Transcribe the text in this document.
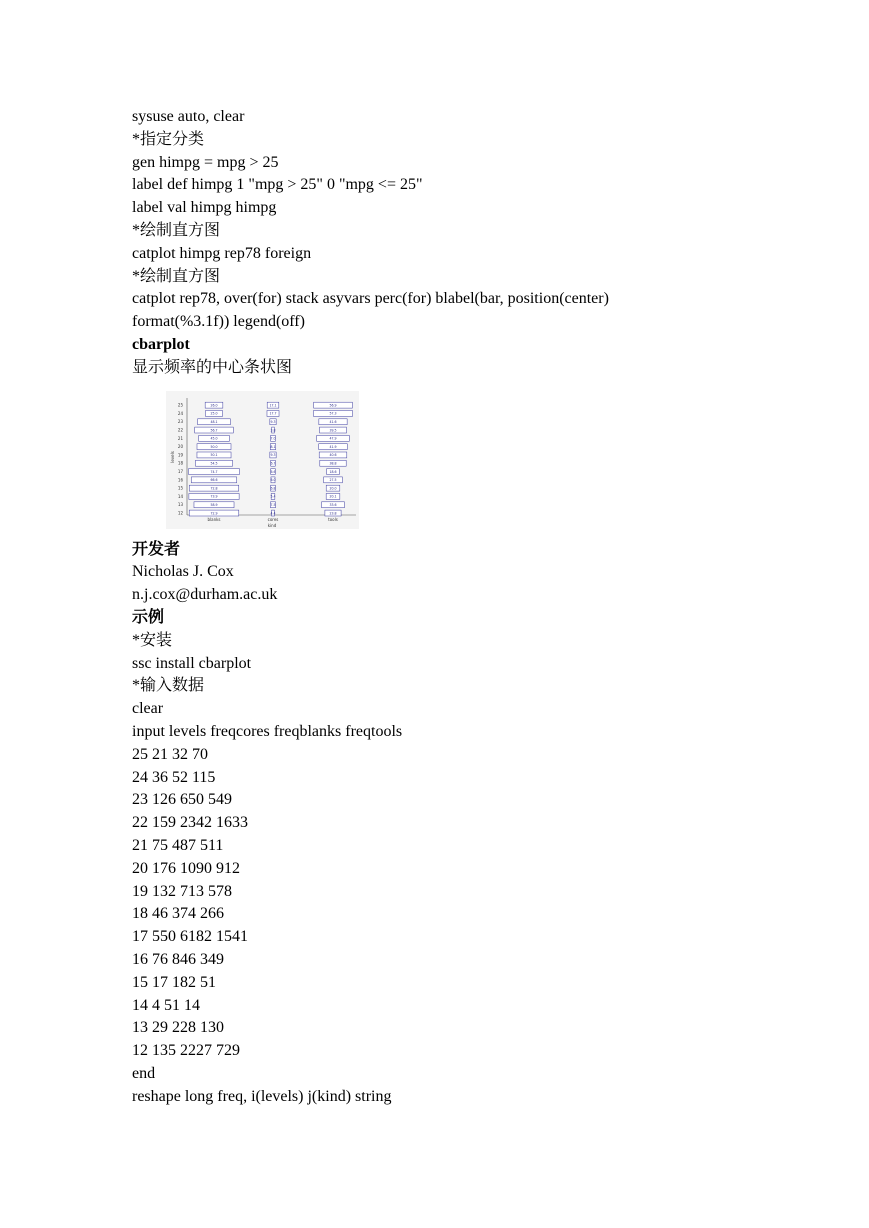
sysuse auto, clear
*指定分类
gen himpg = mpg > 25
label def himpg 1 "mpg > 25" 0 "mpg <= 25"
label val himpg himpg
*绘制直方图
catplot himpg rep78 foreign
*绘制直方图
catplot rep78, over(for) stack asyvars perc(for) blabel(bar, position(center)
format(%3.1f)) legend(off)
cbarplot
显示频率的中心条状图
levels
kind
25
24
23
22
21
20
19
18
17
16
15
14
13
12
26.0
25.0
48.1
56.7
45.0
50.0
50.1
54.5
74.7
66.6
72.8
73.9
58.9
72.9
blanks
17.1
17.7
9.3
3.8
7.0
8.1
9.3
6.7
6.6
6.0
6.8
5.4
7.5
4.4
cores
56.9
57.3
41.6
39.5
47.9
41.9
40.6
38.8
18.6
27.5
20.0
20.1
33.6
23.8
tools
开发者
Nicholas J. Cox
n.j.cox@durham.ac.uk
示例
*安装
ssc install cbarplot
*输入数据
clear
input levels freqcores freqblanks freqtools
25 21 32 70
24 36 52 115
23 126 650 549
22 159 2342 1633
21 75 487 511
20 176 1090 912
19 132 713 578
18 46 374 266
17 550 6182 1541
16 76 846 349
15 17 182 51
14 4 51 14
13 29 228 130
12 135 2227 729
end
reshape long freq, i(levels) j(kind) string
